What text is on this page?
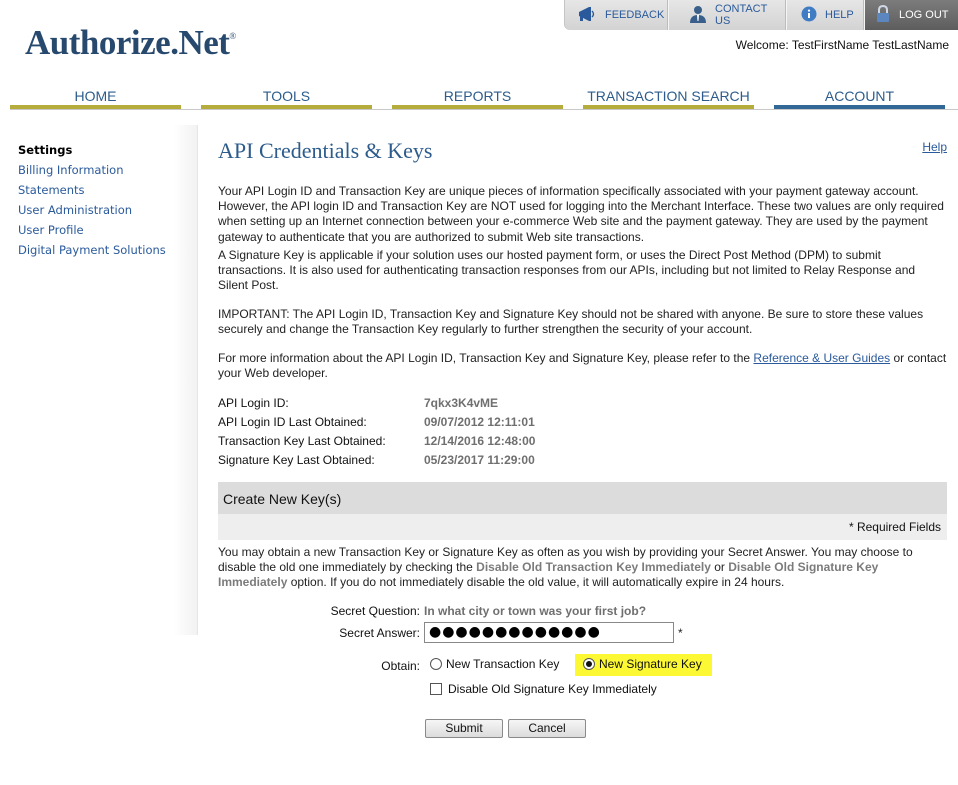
FEEDBACK	CONTACT US	HELP	LOG OUT
Authorize.Net®
Welcome: TestFirstName TestLastName
HOME	TOOLS	REPORTS	TRANSACTION SEARCH	ACCOUNT
Settings
Billing Information
Statements
User Administration
User Profile
Digital Payment Solutions
API Credentials & Keys	Help
Your API Login ID and Transaction Key are unique pieces of information specifically associated with your payment gateway account. However, the API login ID and Transaction Key are NOT used for logging into the Merchant Interface. These two values are only required when setting up an Internet connection between your e-commerce Web site and the payment gateway. They are used by the payment gateway to authenticate that you are authorized to submit Web site transactions.
A Signature Key is applicable if your solution uses our hosted payment form, or uses the Direct Post Method (DPM) to submit transactions. It is also used for authenticating transaction responses from our APIs, including but not limited to Relay Response and Silent Post.
IMPORTANT: The API Login ID, Transaction Key and Signature Key should not be shared with anyone. Be sure to store these values securely and change the Transaction Key regularly to further strengthen the security of your account.
For more information about the API Login ID, Transaction Key and Signature Key, please refer to the Reference & User Guides or contact your Web developer.
API Login ID:	7qkx3K4vME
API Login ID Last Obtained:	09/07/2012 12:11:01
Transaction Key Last Obtained:	12/14/2016 12:48:00
Signature Key Last Obtained:	05/23/2017 11:29:00
Create New Key(s)
* Required Fields
You may obtain a new Transaction Key or Signature Key as often as you wish by providing your Secret Answer. You may choose to disable the old one immediately by checking the Disable Old Transaction Key Immediately or Disable Old Signature Key Immediately option. If you do not immediately disable the old value, it will automatically expire in 24 hours.
Secret Question: In what city or town was your first job?
Secret Answer: ●●●●●●●●●●●●●	*
Obtain: New Transaction Key	New Signature Key
Disable Old Signature Key Immediately
Submit	Cancel
